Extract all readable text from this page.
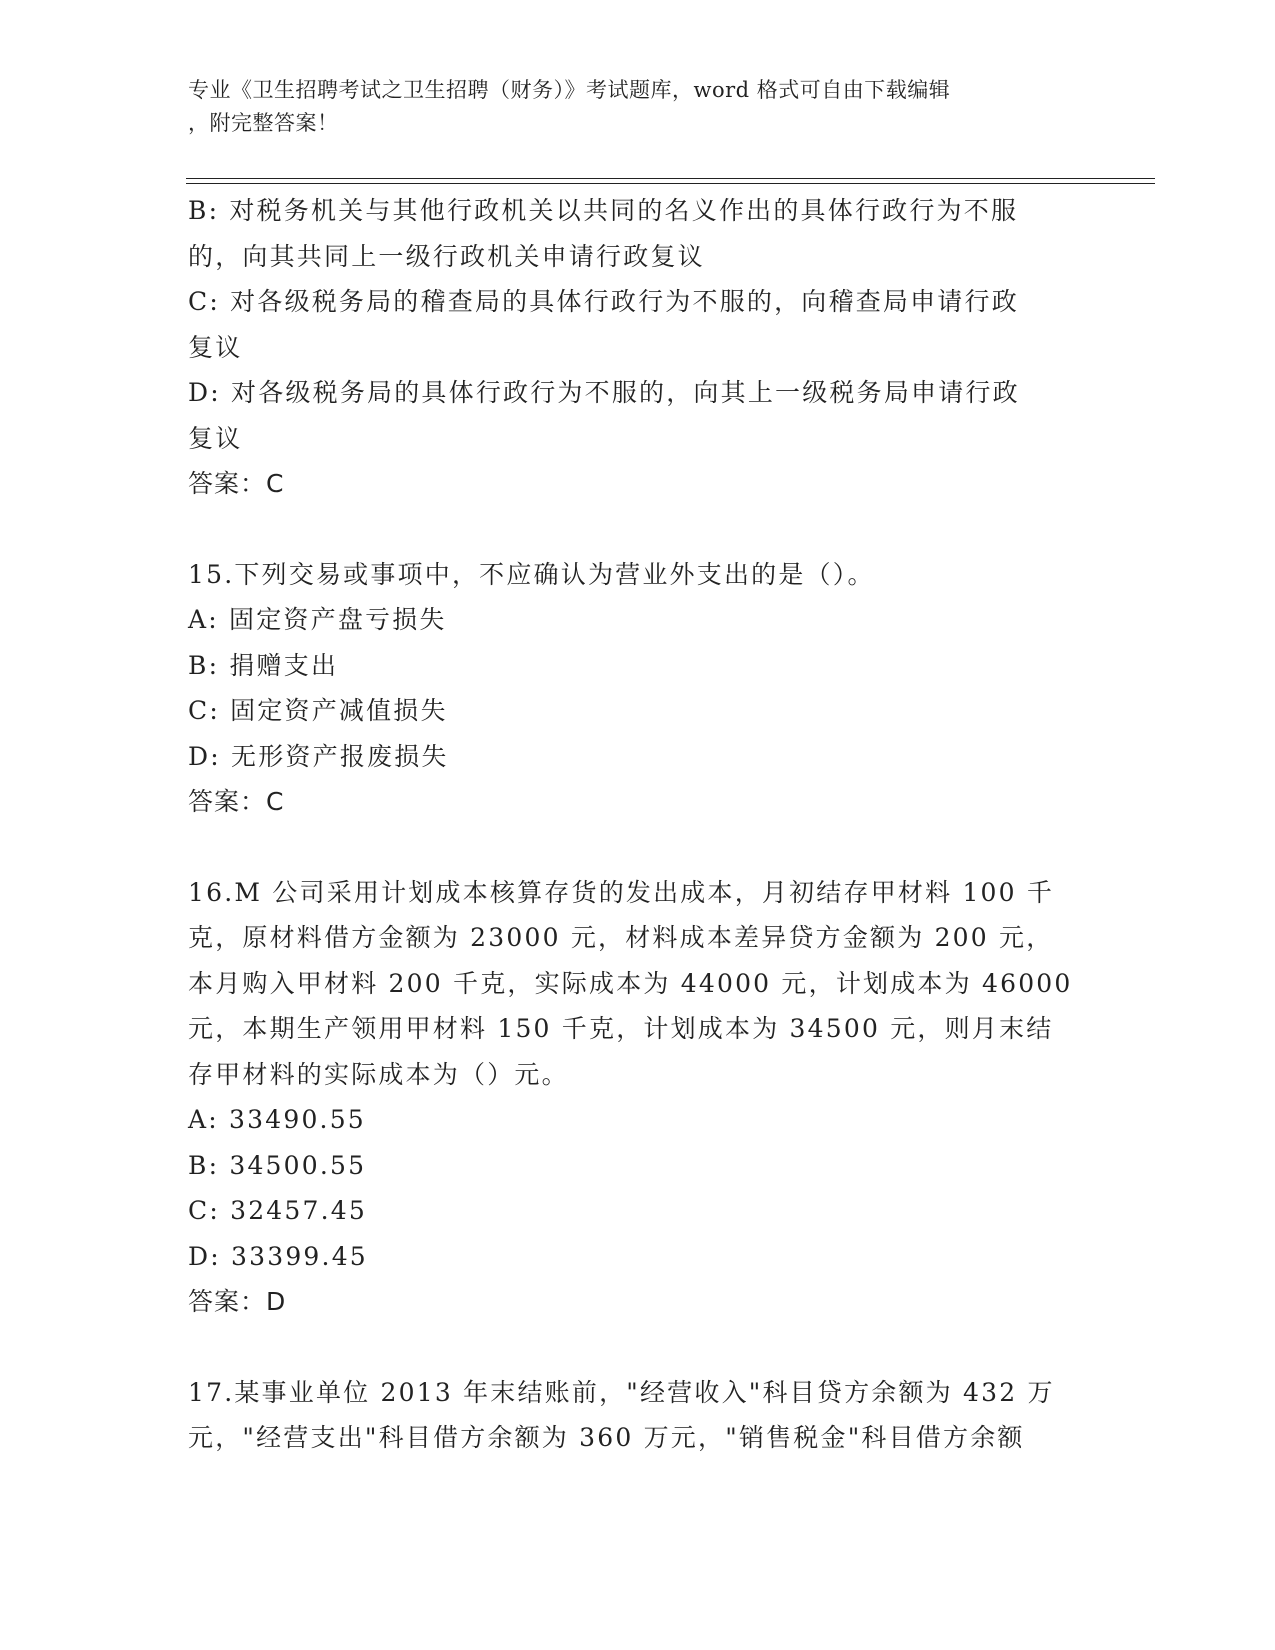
专业《卫生招聘考试之卫生招聘（财务）》考试题库，word 格式可自由下载编辑
，附完整答案！
B: 对税务机关与其他行政机关以共同的名义作出的具体行政行为不服
的，向其共同上一级行政机关申请行政复议
C: 对各级税务局的稽查局的具体行政行为不服的，向稽查局申请行政
复议
D: 对各级税务局的具体行政行为不服的，向其上一级税务局申请行政
复议
答案：C
15.下列交易或事项中，不应确认为营业外支出的是（）。
A: 固定资产盘亏损失
B: 捐赠支出
C: 固定资产减值损失
D: 无形资产报废损失
答案：C
16.M 公司采用计划成本核算存货的发出成本，月初结存甲材料 100 千
克，原材料借方金额为 23000 元，材料成本差异贷方金额为 200 元，
本月购入甲材料 200 千克，实际成本为 44000 元，计划成本为 46000
元，本期生产领用甲材料 150 千克，计划成本为 34500 元，则月末结
存甲材料的实际成本为（）元。
A: 33490.55
B: 34500.55
C: 32457.45
D: 33399.45
答案：D
17.某事业单位 2013 年末结账前，"经营收入"科目贷方余额为 432 万
元，"经营支出"科目借方余额为 360 万元，"销售税金"科目借方余额
